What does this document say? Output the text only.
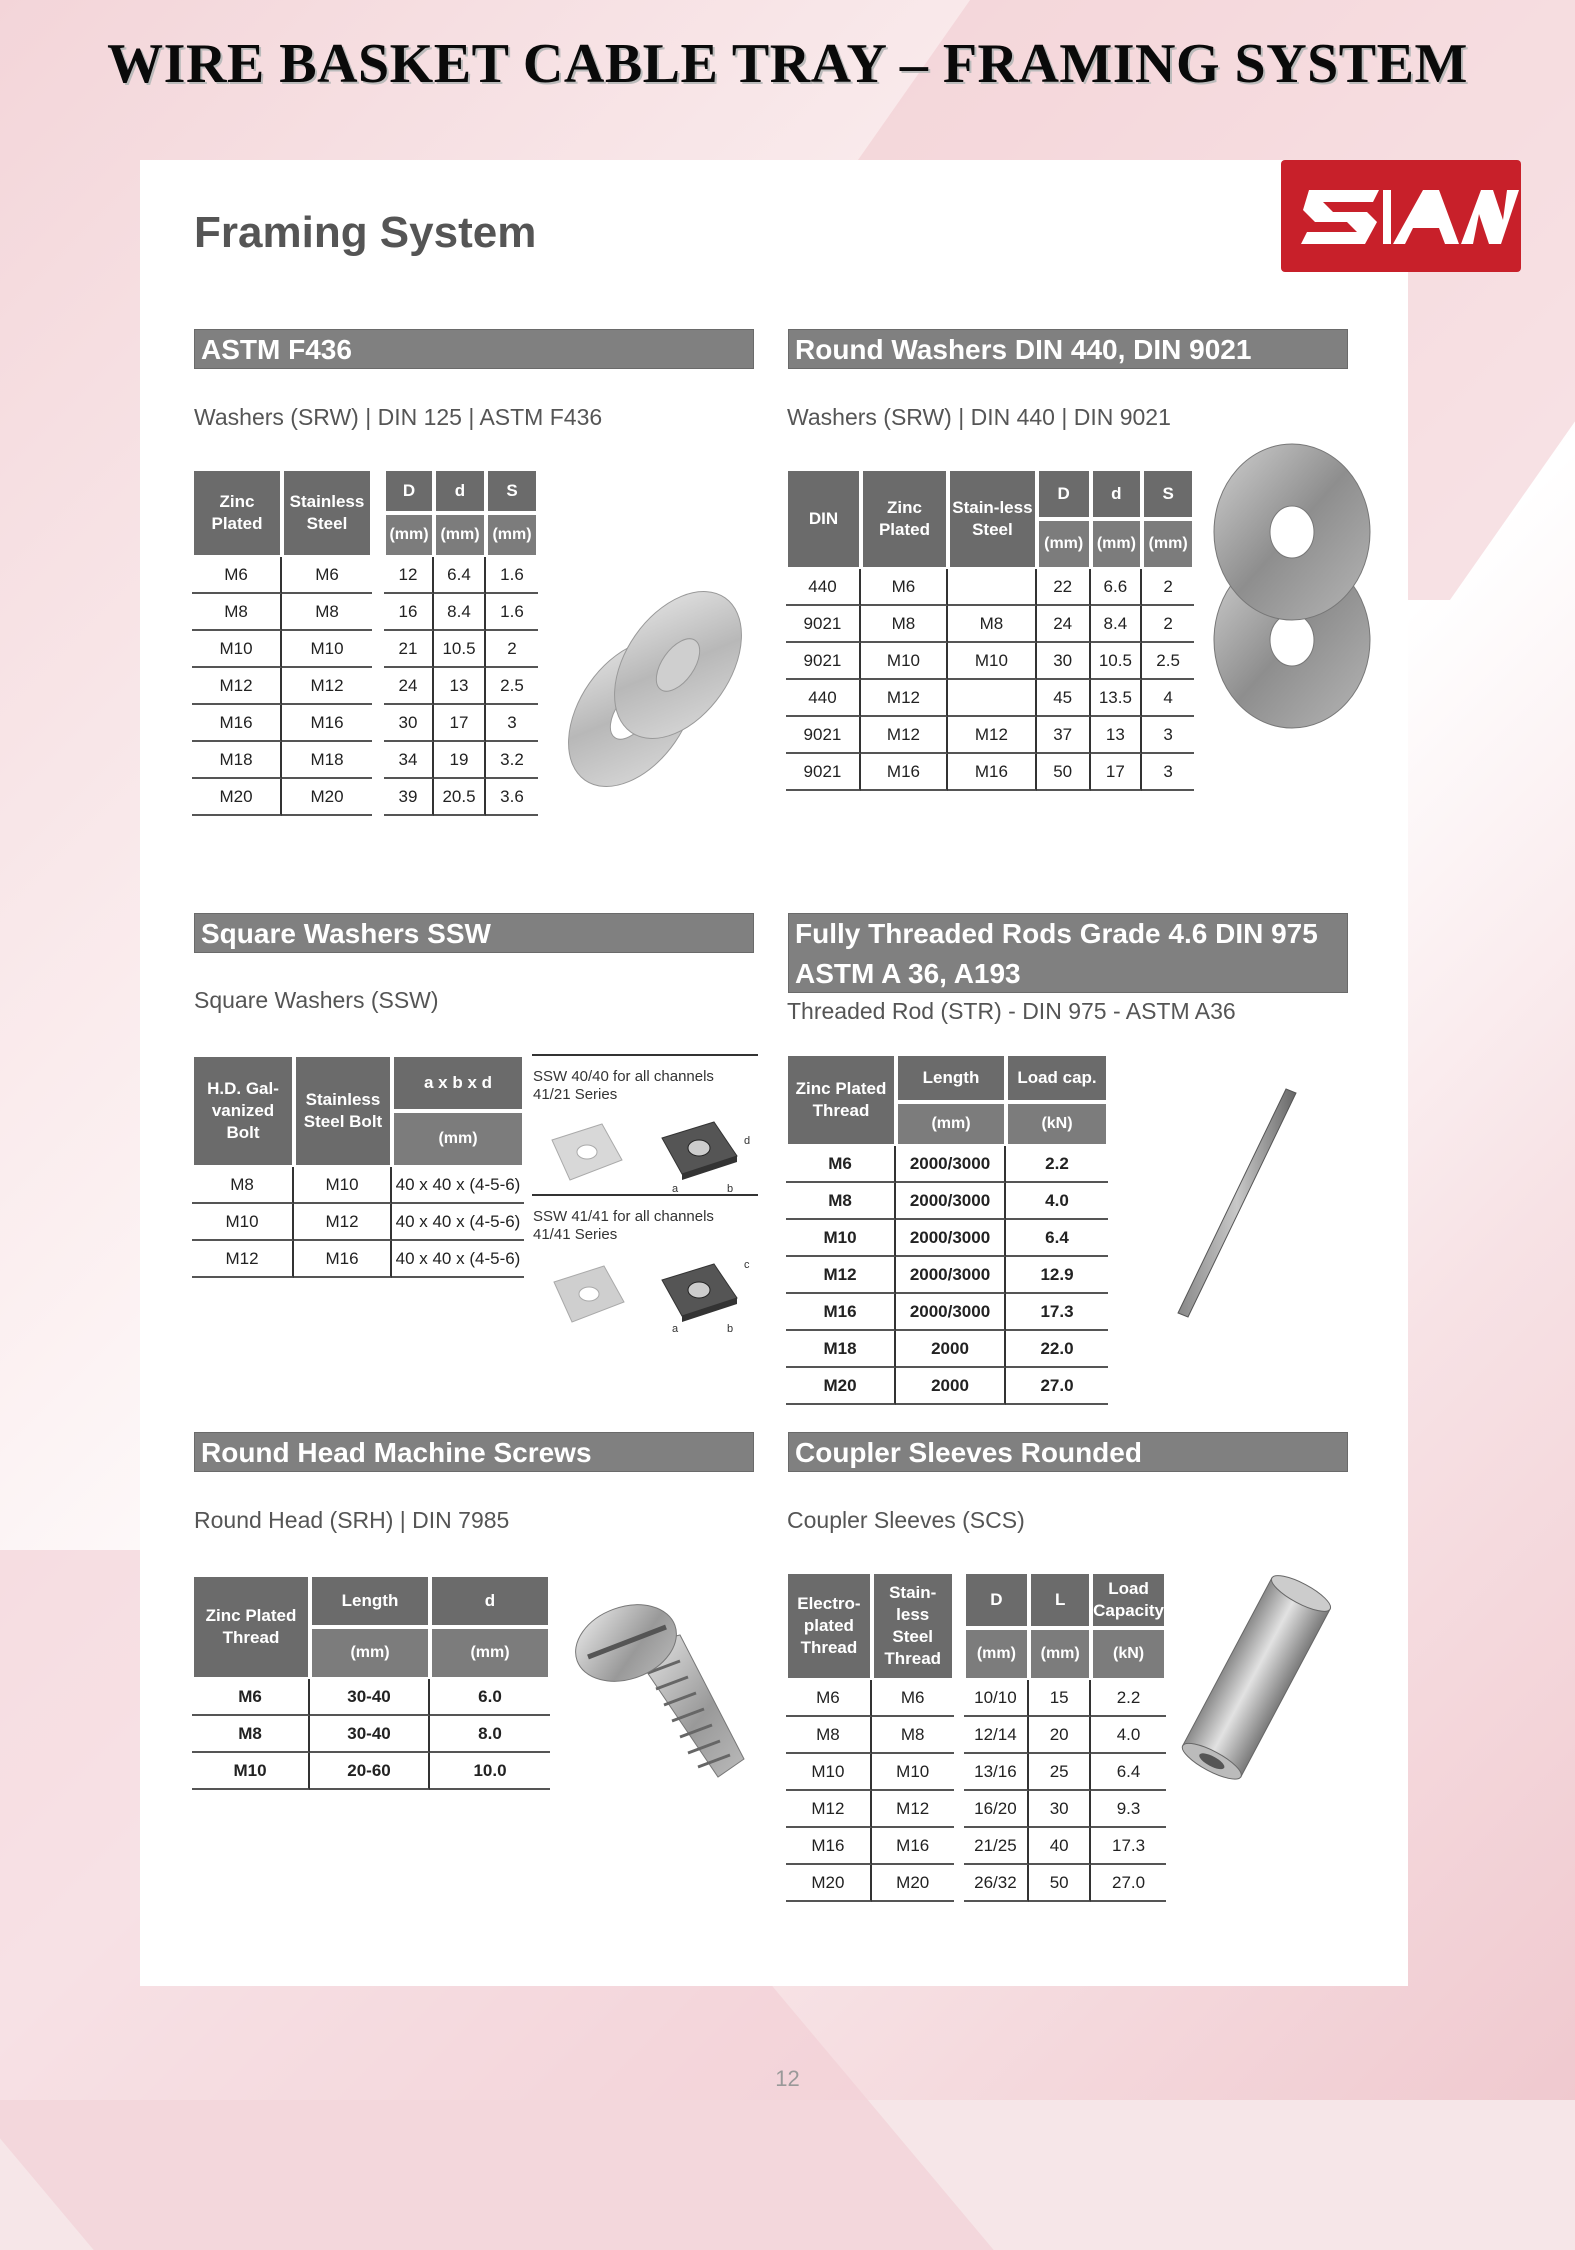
WIRE BASKET CABLE TRAY – FRAMING SYSTEM
Framing System
ASTM F436
Washers (SRW) | DIN 125 | ASTM F436
Zinc Plated	Stainless Steel		D	d	S
			(mm)	(mm)	(mm)
M6	M6		12	6.4	1.6
M8	M8		16	8.4	1.6
M10	M10		21	10.5	2
M12	M12		24	13	2.5
M16	M16		30	17	3
M18	M18		34	19	3.2
M20	M20		39	20.5	3.6
Round Washers DIN 440, DIN 9021
Washers (SRW) | DIN 440 | DIN 9021
DIN	Zinc Plated	Stain-less Steel	D	d	S
			(mm)	(mm)	(mm)
440	M6		22	6.6	2
9021	M8	M8	24	8.4	2
9021	M10	M10	30	10.5	2.5
440	M12		45	13.5	4
9021	M12	M12	37	13	3
9021	M16	M16	50	17	3
Square Washers SSW
Square Washers (SSW)
H.D. Gal-vanized Bolt	Stainless Steel Bolt	a x b x d
		(mm)
M8	M10	40 x 40 x (4-5-6)
M10	M12	40 x 40 x (4-5-6)
M12	M16	40 x 40 x (4-5-6)
SSW 40/40 for all channels 41/21 Series
a	b
d
SSW 41/41 for all channels 41/41 Series
a	b
c
Fully Threaded Rods Grade 4.6 DIN 975
ASTM A 36, A193
Threaded Rod (STR) - DIN 975 - ASTM A36
Zinc Plated Thread	Length	Load cap.
	(mm)	(kN)
M6	2000/3000	2.2
M8	2000/3000	4.0
M10	2000/3000	6.4
M12	2000/3000	12.9
M16	2000/3000	17.3
M18	2000	22.0
M20	2000	27.0
Round Head Machine Screws
Round Head (SRH) | DIN 7985
Zinc Plated Thread	Length	d
	(mm)	(mm)
M6	30-40	6.0
M8	30-40	8.0
M10	20-60	10.0
Coupler Sleeves Rounded
Coupler Sleeves (SCS)
Electro-plated Thread	Stain-less Steel Thread		D	L	Load Capacity
			(mm)	(mm)	(kN)
M6	M6		10/10	15	2.2
M8	M8		12/14	20	4.0
M10	M10		13/16	25	6.4
M12	M12		16/20	30	9.3
M16	M16		21/25	40	17.3
M20	M20		26/32	50	27.0
12
